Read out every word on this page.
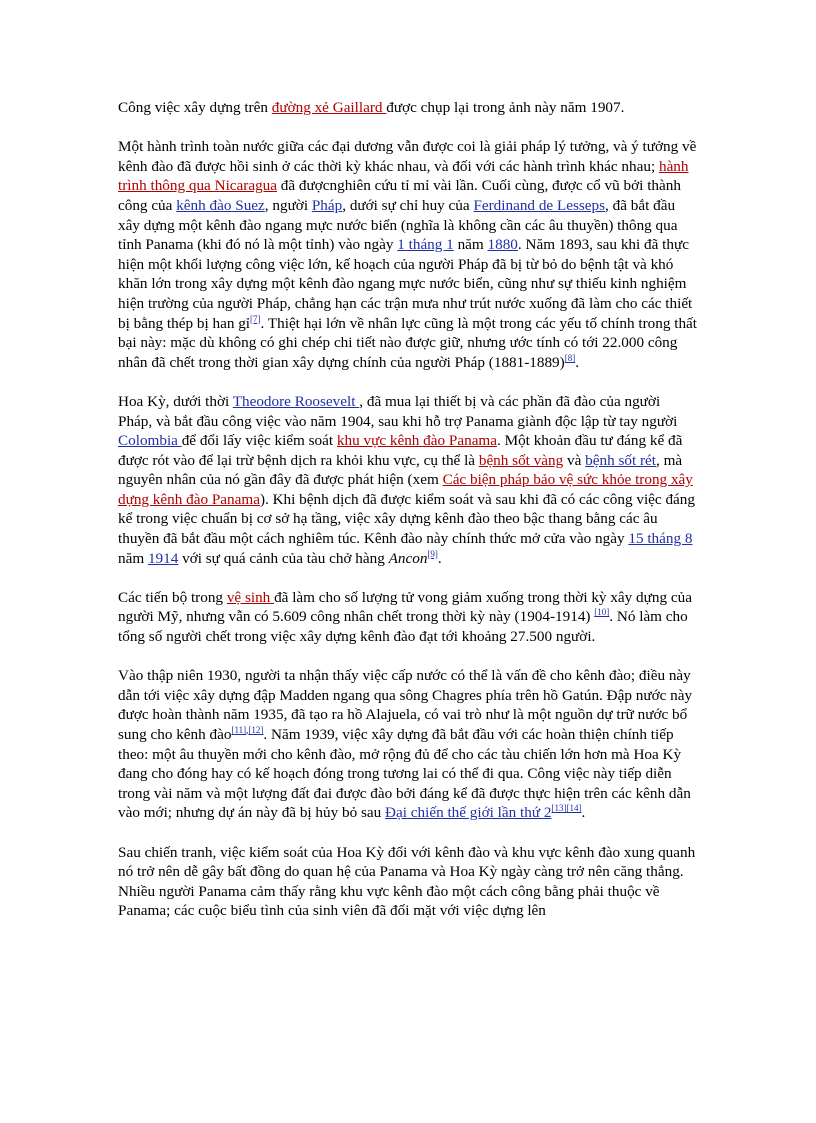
Công việc xây dựng trên đường xẻ Gaillard được chụp lại trong ảnh này năm 1907.

Một hành trình toàn nước giữa các đại dương vẫn được coi là giải pháp lý tưởng, và ý tưởng về kênh đào đã được hồi sinh ở các thời kỳ khác nhau, và đối với các hành trình khác nhau; hành trình thông qua Nicaragua đã đượcnghiên cứu tỉ mỉ vài lần. Cuối cùng, được cổ vũ bởi thành công của kênh đào Suez, người Pháp, dưới sự chỉ huy của Ferdinand de Lesseps, đã bắt đầu xây dựng một kênh đào ngang mực nước biển (nghĩa là không cần các âu thuyền) thông qua tỉnh Panama (khi đó nó là một tỉnh) vào ngày 1 tháng 1 năm 1880. Năm 1893, sau khi đã thực hiện một khối lượng công việc lớn, kế hoạch của người Pháp đã bị từ bỏ do bệnh tật và khó khăn lớn trong xây dựng một kênh đào ngang mực nước biển, cũng như sự thiếu kinh nghiệm hiện trường của người Pháp, chẳng hạn các trận mưa như trút nước xuống đã làm cho các thiết bị bằng thép bị han gỉ[7]. Thiệt hại lớn về nhân lực cũng là một trong các yếu tố chính trong thất bại này: mặc dù không có ghi chép chi tiết nào được giữ, nhưng ước tính có tới 22.000 công nhân đã chết trong thời gian xây dựng chính của người Pháp (1881-1889)[8].

Hoa Kỳ, dưới thời Theodore Roosevelt , đã mua lại thiết bị và các phần đã đào của người Pháp, và bắt đầu công việc vào năm 1904, sau khi hỗ trợ Panama giành độc lập từ tay người Colombia để đổi lấy việc kiểm soát khu vực kênh đào Panama. Một khoản đầu tư đáng kể đã được rót vào để lại trừ bệnh dịch ra khỏi khu vực, cụ thể là bệnh sốt vàng và bệnh sốt rét, mà nguyên nhân của nó gần đây đã được phát hiện (xem Các biện pháp bảo vệ sức khỏe trong xây dựng kênh đào Panama). Khi bệnh dịch đã được kiểm soát và sau khi đã có các công việc đáng kể trong việc chuẩn bị cơ sở hạ tầng, việc xây dựng kênh đào theo bậc thang bằng các âu thuyền đã bắt đầu một cách nghiêm túc. Kênh đào này chính thức mở cửa vào ngày 15 tháng 8 năm 1914 với sự quá cảnh của tàu chở hàng Ancon[9].

Các tiến bộ trong vệ sinh đã làm cho số lượng tử vong giảm xuống trong thời kỳ xây dựng của người Mỹ, nhưng vẫn có 5.609 công nhân chết trong thời kỳ này (1904-1914) [10]. Nó làm cho tổng số người chết trong việc xây dựng kênh đào đạt tới khoảng 27.500 người.

Vào thập niên 1930, người ta nhận thấy việc cấp nước có thể là vấn đề cho kênh đào; điều này dẫn tới việc xây dựng đập Madden ngang qua sông Chagres phía trên hồ Gatún. Đập nước này được hoàn thành năm 1935, đã tạo ra hồ Alajuela, có vai trò như là một nguồn dự trữ nước bổ sung cho kênh đào[11],[12]. Năm 1939, việc xây dựng đã bắt đầu với các hoàn thiện chính tiếp theo: một âu thuyền mới cho kênh đào, mở rộng đủ để cho các tàu chiến lớn hơn mà Hoa Kỳ đang cho đóng hay có kế hoạch đóng trong tương lai có thể đi qua. Công việc này tiếp diễn trong vài năm và một lượng đất đai được đào bởi đáng kể đã được thực hiện trên các kênh dẫn vào mới; nhưng dự án này đã bị hủy bỏ sau Đại chiến thế giới lần thứ 2[13][14].

Sau chiến tranh, việc kiểm soát của Hoa Kỳ đối với kênh đào và khu vực kênh đào xung quanh nó trở nên dễ gây bất đồng do quan hệ của Panama và Hoa Kỳ ngày càng trở nên căng thẳng. Nhiều người Panama cảm thấy rằng khu vực kênh đào một cách công bằng phải thuộc về Panama; các cuộc biểu tình của sinh viên đã đối mặt với việc dựng lên
